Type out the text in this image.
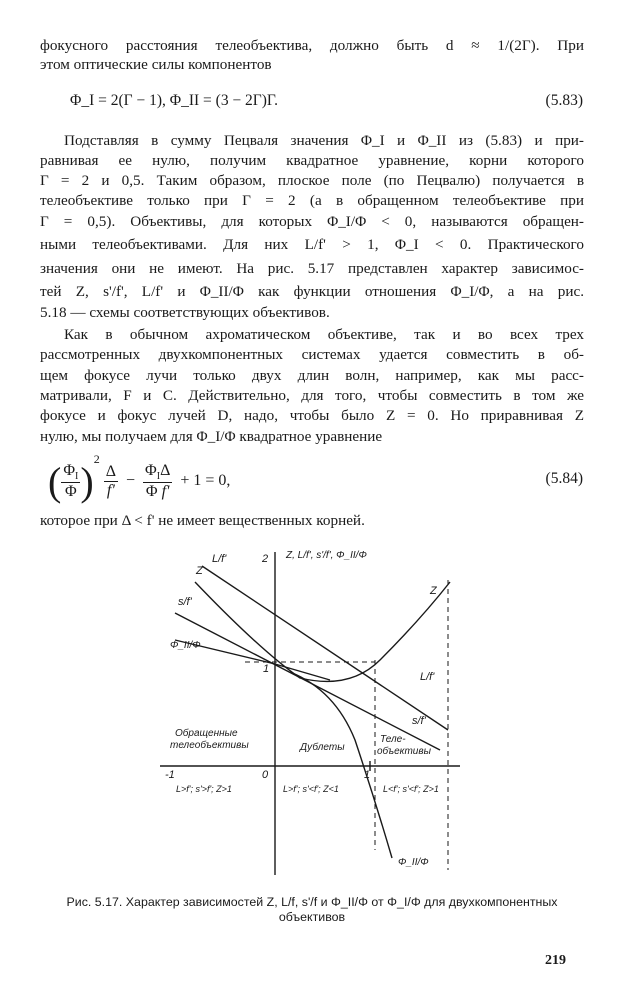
фокусного расстояния телеобъектива, должно быть d ≈ 1/(2Г). При
этом оптические силы компонентов
Φ_I = 2(Г − 1), Φ_II = (3 − 2Г)Г.	(5.83)
Подставляя в сумму Пецваля значения Φ_I и Φ_II из (5.83) и при-
равнивая ее нулю, получим квадратное уравнение, корни которого
Г = 2 и 0,5. Таким образом, плоское поле (по Пецвалю) получается в
телеобъективе только при Г = 2 (а в обращенном телеобъективе при
Г = 0,5). Объективы, для которых Φ_I/Φ < 0, называются обращен-
ными телеобъективами. Для них L/f' > 1, Φ_I < 0. Практического
значения они не имеют. На рис. 5.17 представлен характер зависимос-
тей Z, s'/f', L/f' и Φ_II/Φ как функции отношения Φ_I/Φ, а на рис.
5.18 — схемы соответствующих объективов.
Как в обычном ахроматическом объективе, так и во всех трех
рассмотренных двухкомпонентных системах удается совместить в об-
щем фокусе лучи только двух длин волн, например, как мы расс-
матривали, F и C. Действительно, для того, чтобы совместить в том же
фокусе и фокус лучей D, надо, чтобы было Z = 0. Но приравнивая Z
нулю, мы получаем для Φ_I/Φ квадратное уравнение
( $\frac{\Phi_I}{\Phi} )^2$
$\frac{\Delta}{f'} - \frac{\Phi_I\Delta}{\text{Φ f'}} + 1 = 0$,	(5.84)
которое при Δ < f' не имеет вещественных корней.
Z, L/f', s'/f', Φ_II/Φ
2
1
0	1
-1
L/f'
Z
s/f'
Φ_II/Φ
Z
L/f'
s/f'
Φ_II/Φ
Обращенные
телеобъективы	Дублеты
Теле-
объективы
L>f'; s'>f'; Z>1	L>f'; s'<f'; Z<1	L<f'; s'<f'; Z>1
Рис. 5.17. Характер зависимостей Z, L/f, s'/f и Φ_II/Φ от Φ_I/Φ для двухкомпонентных
объективов
219
